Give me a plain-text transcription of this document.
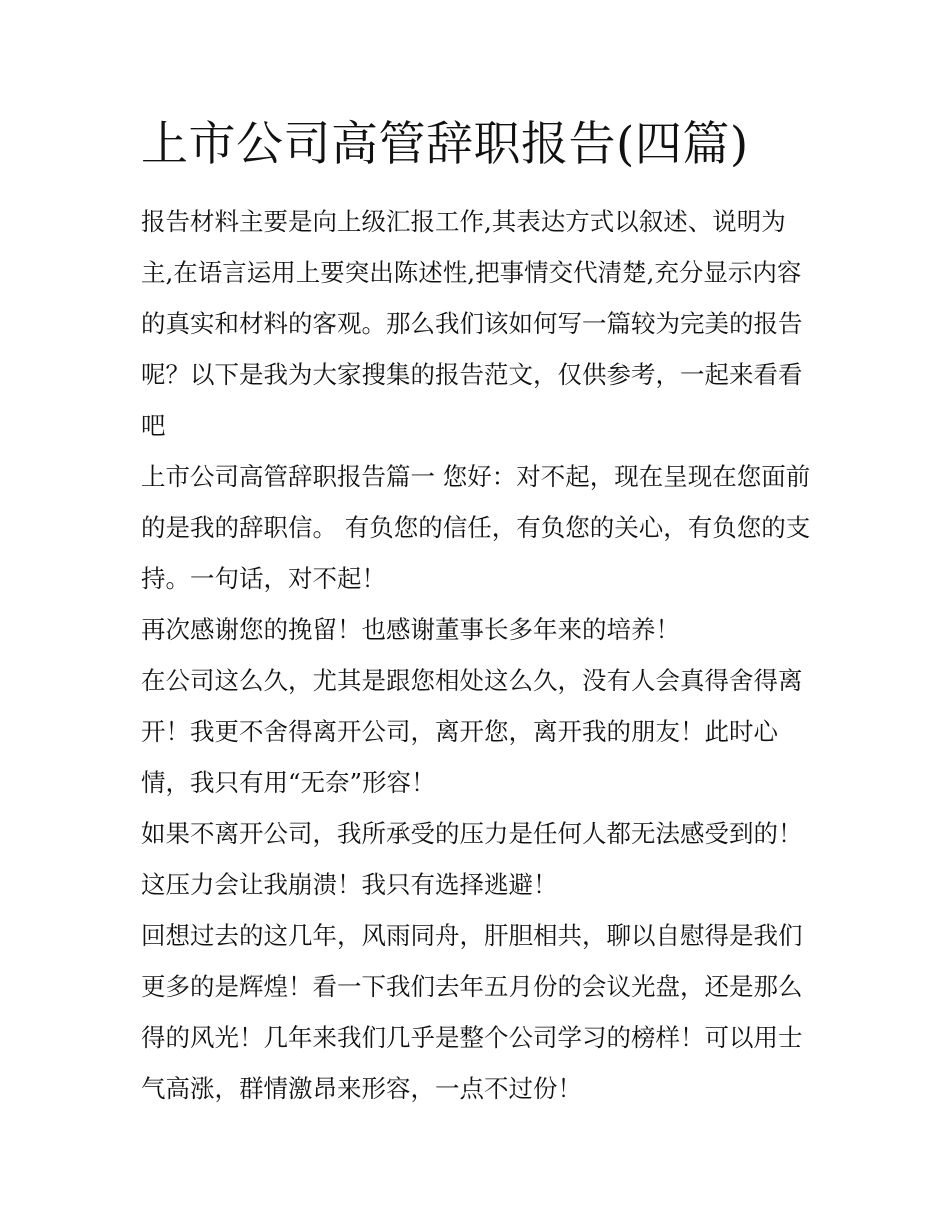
上市公司高管辞职报告(四篇)

报告材料主要是向上级汇报工作,其表达方式以叙述、说明为主,在语言运用上要突出陈述性,把事情交代清楚,充分显示内容的真实和材料的客观。那么我们该如何写一篇较为完美的报告呢？以下是我为大家搜集的报告范文，仅供参考，一起来看看吧

上市公司高管辞职报告篇一 您好：对不起，现在呈现在您面前的是我的辞职信。 有负您的信任，有负您的关心，有负您的支持。一句话，对不起！

再次感谢您的挽留！也感谢董事长多年来的培养！

在公司这么久，尤其是跟您相处这么久，没有人会真得舍得离开！我更不舍得离开公司，离开您，离开我的朋友！此时心情，我只有用“无奈”形容！

如果不离开公司，我所承受的压力是任何人都无法感受到的！这压力会让我崩溃！我只有选择逃避！

回想过去的这几年，风雨同舟，肝胆相共，聊以自慰得是我们更多的是辉煌！看一下我们去年五月份的会议光盘，还是那么得的风光！几年来我们几乎是整个公司学习的榜样！可以用士气高涨，群情激昂来形容，一点不过份！
